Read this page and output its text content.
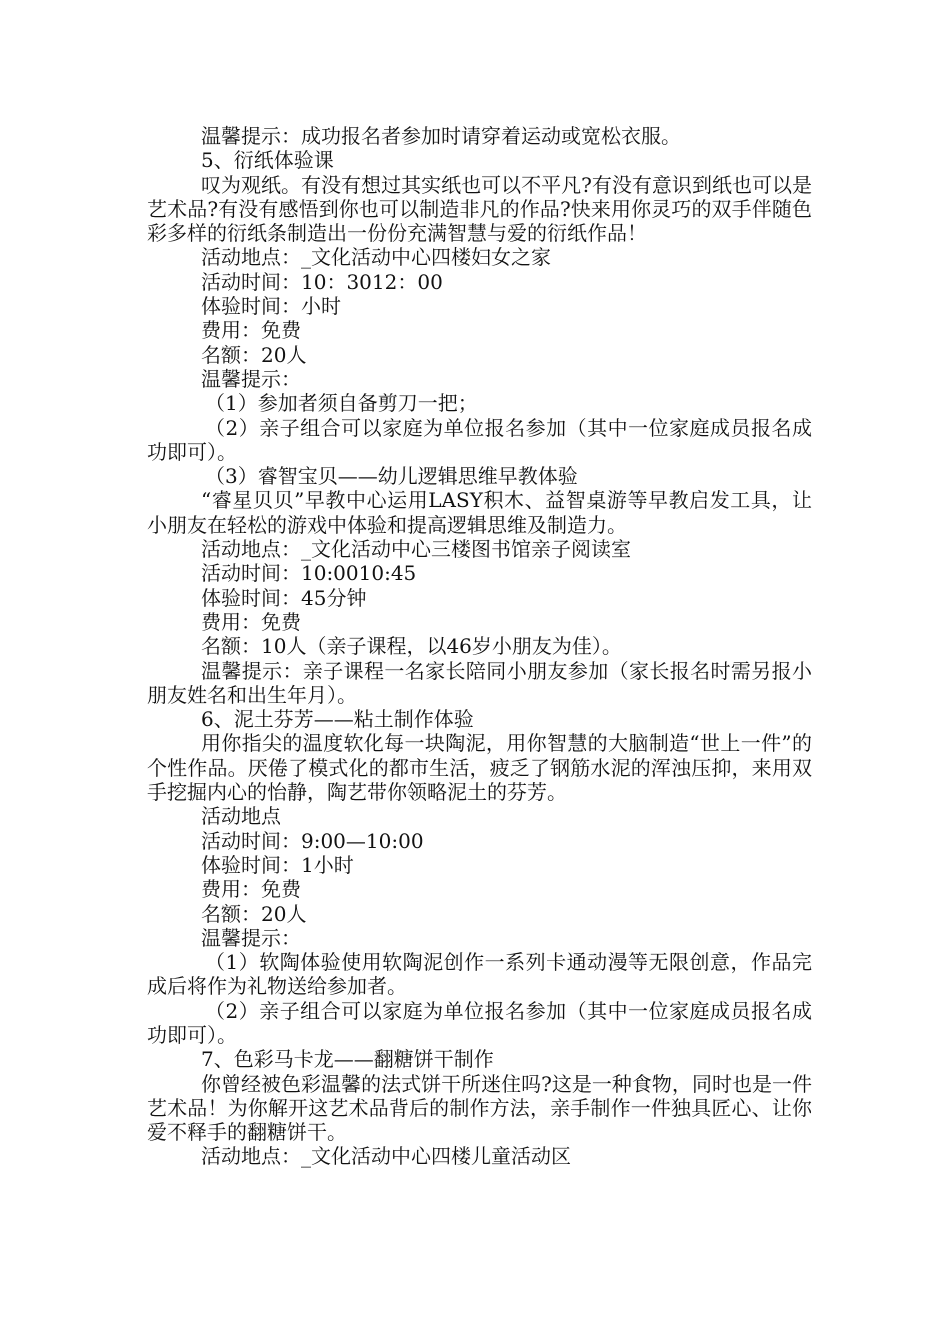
温馨提示：成功报名者参加时请穿着运动或宽松衣服。

5、衍纸体验课

叹为观纸。有没有想过其实纸也可以不平凡?有没有意识到纸也可以是艺术品?有没有感悟到你也可以制造非凡的作品?快来用你灵巧的双手伴随色彩多样的衍纸条制造出一份份充满智慧与爱的衍纸作品！

活动地点：_文化活动中心四楼妇女之家

活动时间：10：3012：00

体验时间：小时

费用：免费

名额：20人

温馨提示：

（1）参加者须自备剪刀一把；

（2）亲子组合可以家庭为单位报名参加（其中一位家庭成员报名成功即可）。

（3）睿智宝贝——幼儿逻辑思维早教体验

“睿星贝贝”早教中心运用LASY积木、益智桌游等早教启发工具，让小朋友在轻松的游戏中体验和提高逻辑思维及制造力。

活动地点：_文化活动中心三楼图书馆亲子阅读室

活动时间：10:0010:45

体验时间：45分钟

费用：免费

名额：10人（亲子课程，以46岁小朋友为佳）。

温馨提示：亲子课程一名家长陪同小朋友参加（家长报名时需另报小朋友姓名和出生年月）。

6、泥土芬芳——粘土制作体验

用你指尖的温度软化每一块陶泥，用你智慧的大脑制造“世上一件”的个性作品。厌倦了模式化的都市生活，疲乏了钢筋水泥的浑浊压抑，来用双手挖掘内心的怡静，陶艺带你领略泥土的芬芳。

活动地点

活动时间：9:00—10:00

体验时间：1小时

费用：免费

名额：20人

温馨提示：

（1）软陶体验使用软陶泥创作一系列卡通动漫等无限创意，作品完成后将作为礼物送给参加者。

（2）亲子组合可以家庭为单位报名参加（其中一位家庭成员报名成功即可）。

7、色彩马卡龙——翻糖饼干制作

你曾经被色彩温馨的法式饼干所迷住吗?这是一种食物，同时也是一件艺术品！为你解开这艺术品背后的制作方法，亲手制作一件独具匠心、让你爱不释手的翻糖饼干。

活动地点：_文化活动中心四楼儿童活动区
